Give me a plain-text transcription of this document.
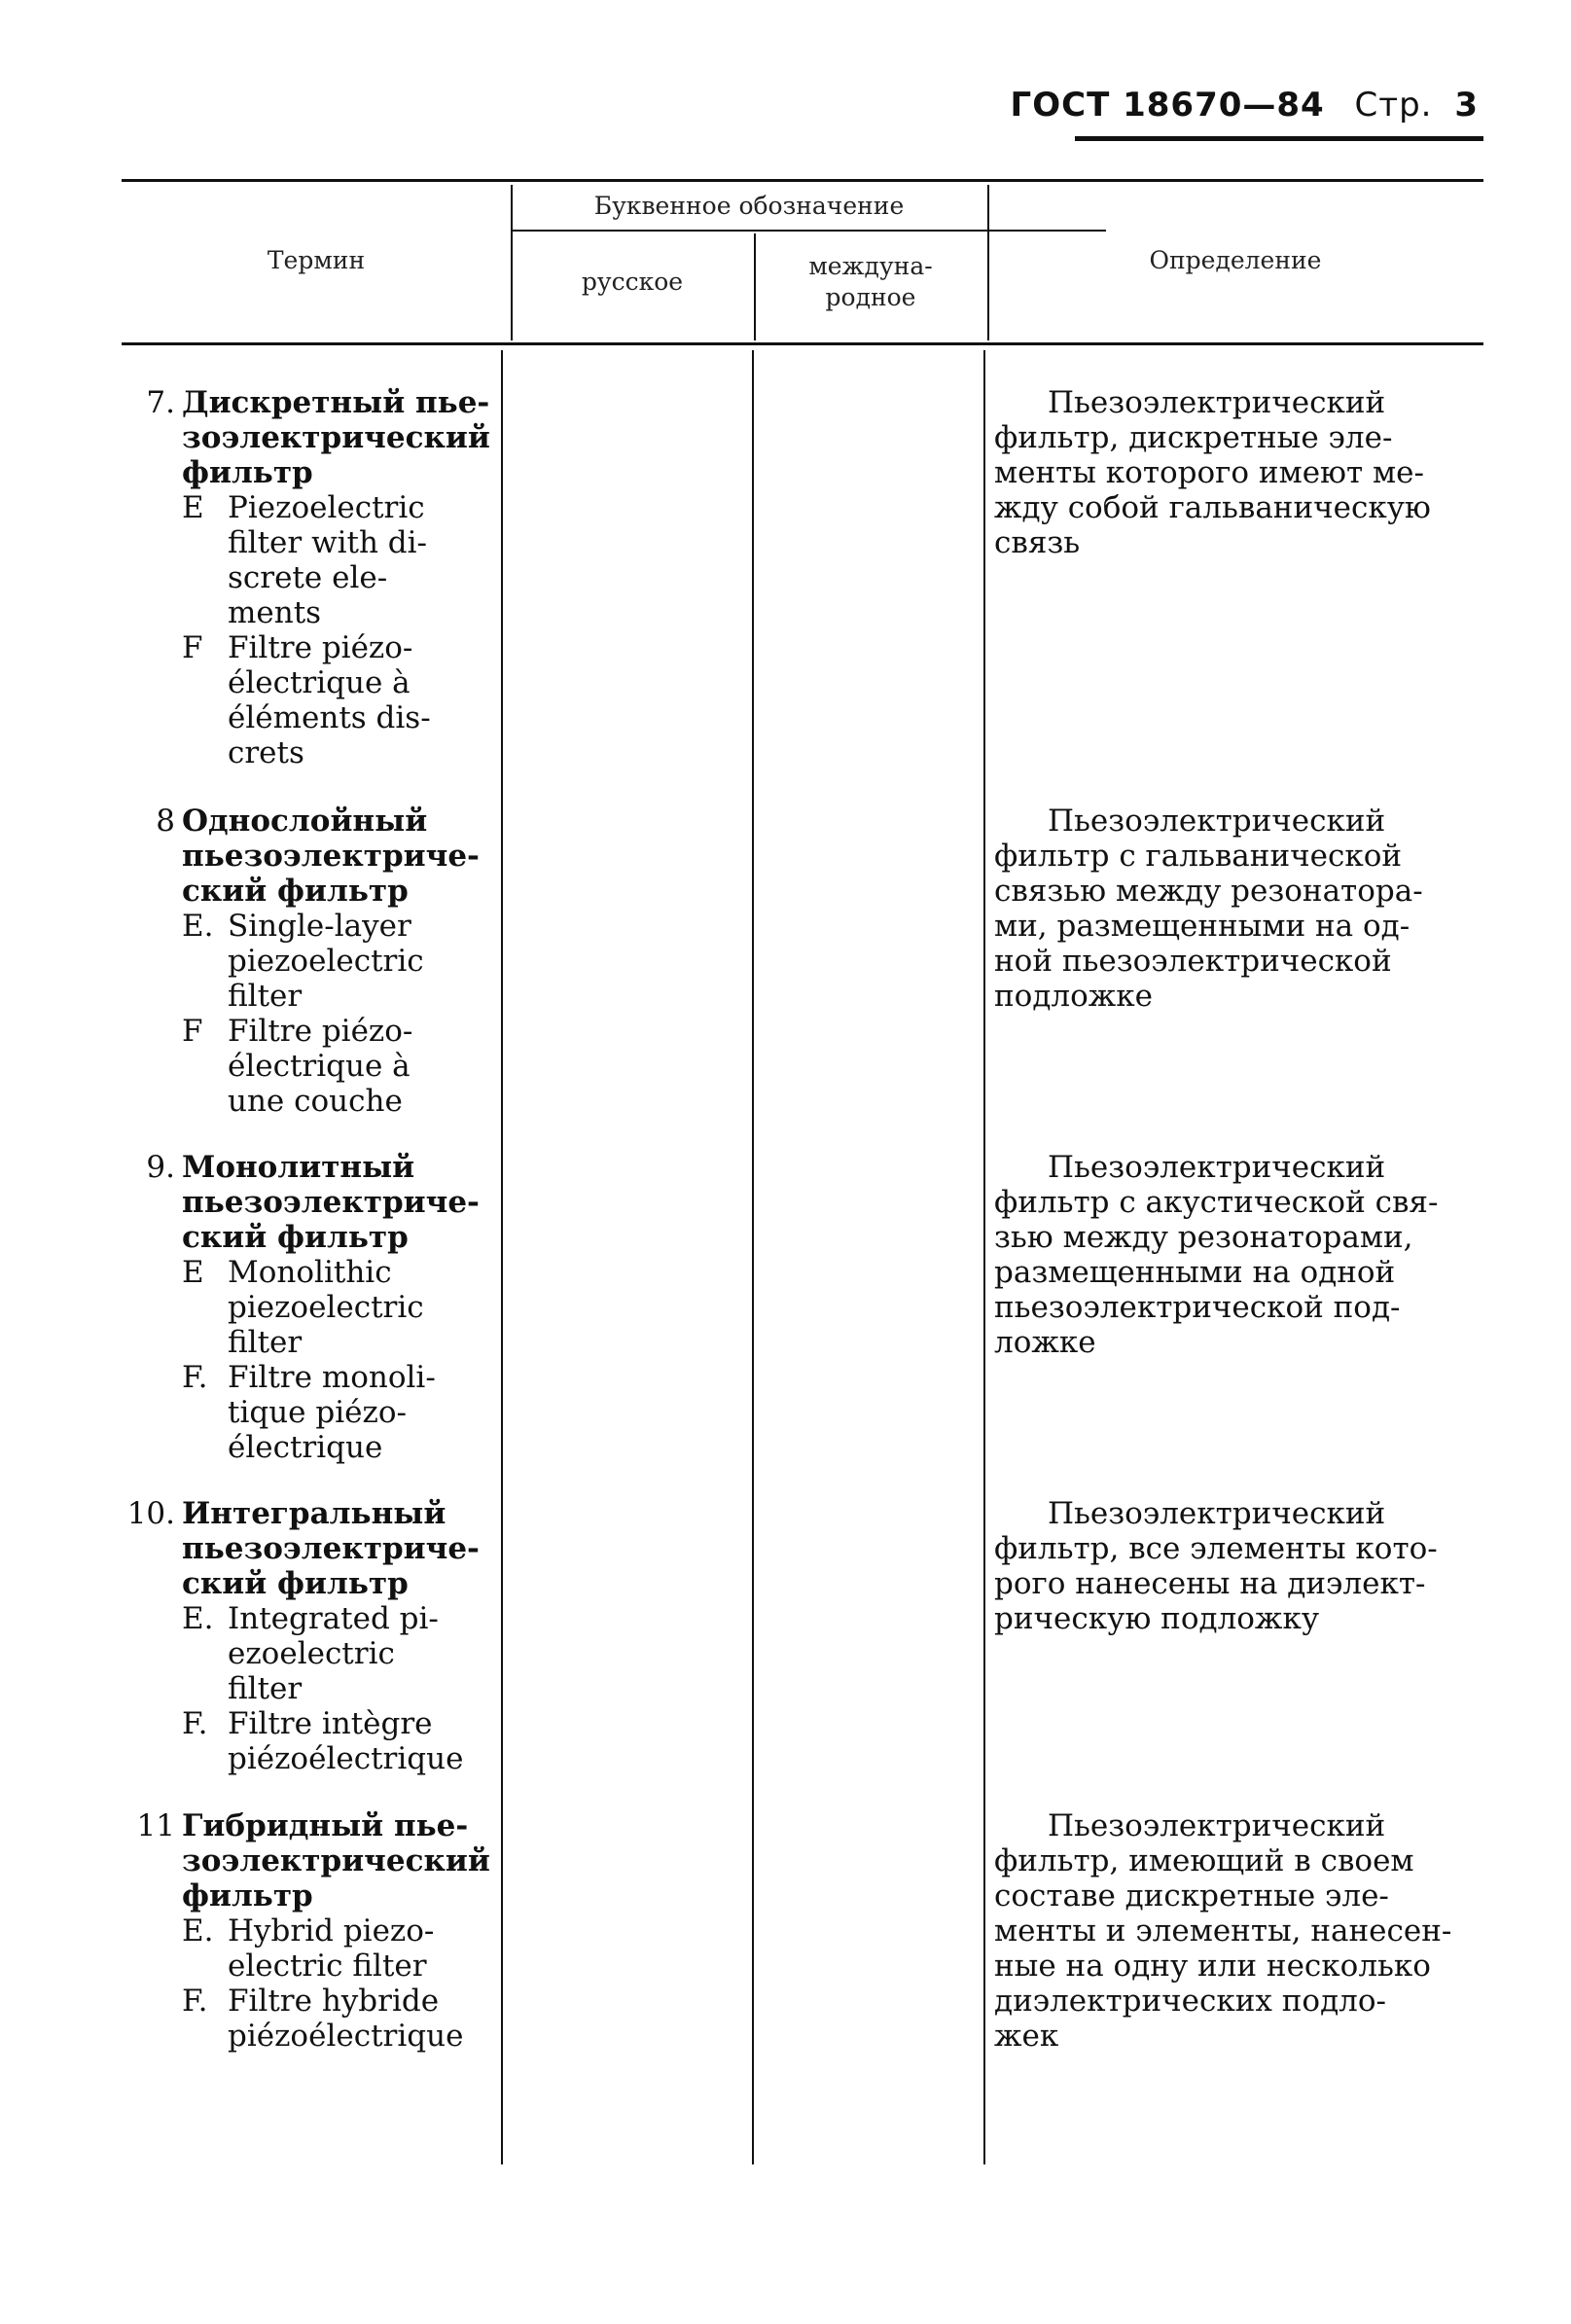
ГОСТ 18670—84 Стр. 3
Термин
Буквенное обозначение
русское
междуна-
родное
Определение
7. Дискретный пье-
зоэлектрический
фильтр
E Piezoelectric
filter with di-
screte ele-
ments
F Filtre piézo-
électrique à
éléments dis-
crets
Пьезоэлектрический
фильтр, дискретные эле-
менты которого имеют ме-
жду собой гальваническую
связь
8 Однослойный
пьезоэлектриче-
ский фильтр
E. Single-layer
piezoelectric
filter
F Filtre piézo-
électrique à
une couche
Пьезоэлектрический
фильтр с гальванической
связью между резонатора-
ми, размещенными на од-
ной пьезоэлектрической
подложке
9. Монолитный
пьезоэлектриче-
ский фильтр
E Monolithic
piezoelectric
filter
F. Filtre monoli-
tique piézo-
électrique
Пьезоэлектрический
фильтр с акустической свя-
зью между резонаторами,
размещенными на одной
пьезоэлектрической под-
ложке
10. Интегральный
пьезоэлектриче-
ский фильтр
E. Integrated pi-
ezoelectric
filter
F. Filtre intègre
piézoélectrique
Пьезоэлектрический
фильтр, все элементы кото-
рого нанесены на диэлект-
рическую подложку
11 Гибридный пье-
зоэлектрический
фильтр
E. Hybrid piezo-
electric filter
F. Filtre hybride
piézoélectrique
Пьезоэлектрический
фильтр, имеющий в своем
составе дискретные эле-
менты и элементы, нанесен-
ные на одну или несколько
диэлектрических подло-
жек
